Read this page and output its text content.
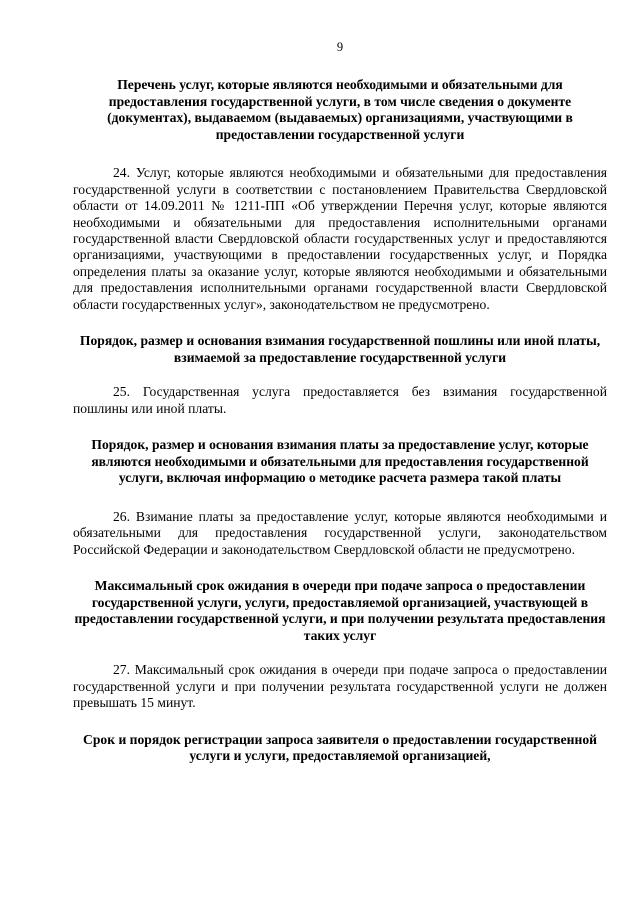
9

Перечень услуг, которые являются необходимыми и обязательными для предоставления государственной услуги, в том числе сведения о документе (документах), выдаваемом (выдаваемых) организациями, участвующими в предоставлении государственной услуги

24. Услуг, которые являются необходимыми и обязательными для предоставления государственной услуги в соответствии с постановлением Правительства Свердловской области от 14.09.2011 № 1211-ПП «Об утверждении Перечня услуг, которые являются необходимыми и обязательными для предоставления исполнительными органами государственной власти Свердловской области государственных услуг и предоставляются организациями, участвующими в предоставлении государственных услуг, и Порядка определения платы за оказание услуг, которые являются необходимыми и обязательными для предоставления исполнительными органами государственной власти Свердловской области государственных услуг», законодательством не предусмотрено.

Порядок, размер и основания взимания государственной пошлины или иной платы, взимаемой за предоставление государственной услуги

25. Государственная услуга предоставляется без взимания государственной пошлины или иной платы.

Порядок, размер и основания взимания платы за предоставление услуг, которые являются необходимыми и обязательными для предоставления государственной услуги, включая информацию о методике расчета размера такой платы

26. Взимание платы за предоставление услуг, которые являются необходимыми и обязательными для предоставления государственной услуги, законодательством Российской Федерации и законодательством Свердловской области не предусмотрено.

Максимальный срок ожидания в очереди при подаче запроса о предоставлении государственной услуги, услуги, предоставляемой организацией, участвующей в предоставлении государственной услуги, и при получении результата предоставления таких услуг

27. Максимальный срок ожидания в очереди при подаче запроса о предоставлении государственной услуги и при получении результата государственной услуги не должен превышать 15 минут.

Срок и порядок регистрации запроса заявителя о предоставлении государственной услуги и услуги, предоставляемой организацией,
